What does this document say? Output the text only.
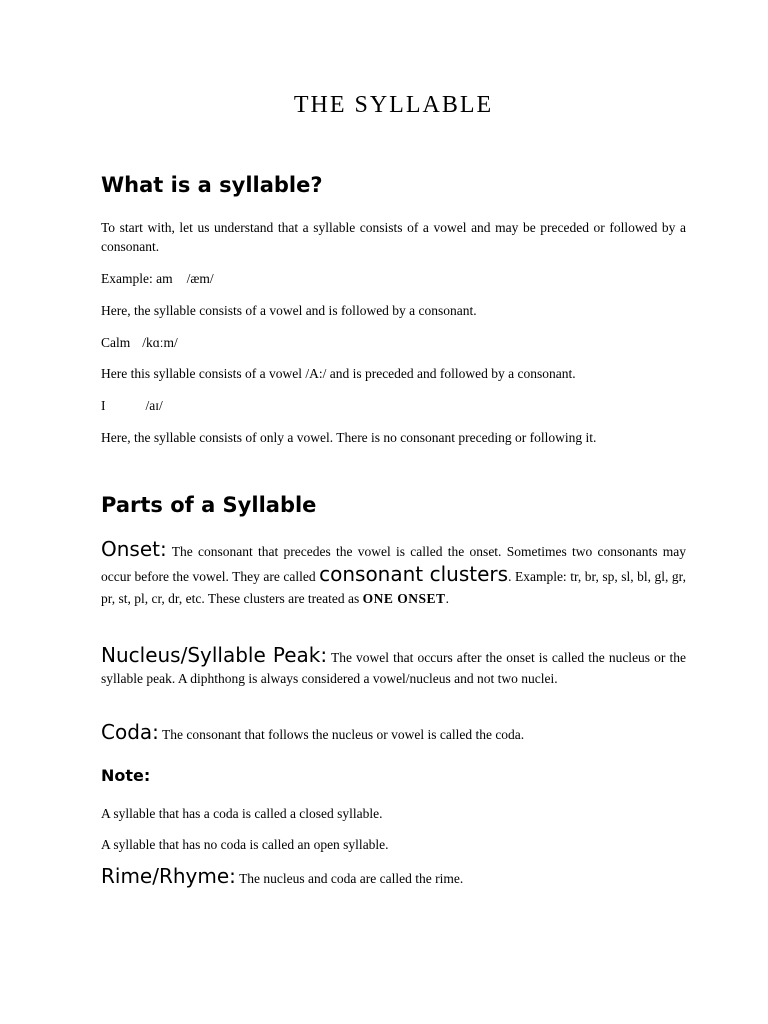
THE SYLLABLE
What is a syllable?

To start with, let us understand that a syllable consists of a vowel and may be preceded or followed by a consonant.

Example: am /æm/

Here, the syllable consists of a vowel and is followed by a consonant.

Calm /kɑːm/

Here this syllable consists of a vowel /A:/ and is preceded and followed by a consonant.

I	/aɪ/

Here, the syllable consists of only a vowel. There is no consonant preceding or following it.

Parts of a Syllable

Onset: The consonant that precedes the vowel is called the onset. Sometimes two consonants may occur before the vowel. They are called consonant clusters. Example: tr, br, sp, sl, bl, gl, gr, pr, st, pl, cr, dr, etc. These clusters are treated as ONE ONSET.

Nucleus/Syllable Peak: The vowel that occurs after the onset is called the nucleus or the syllable peak. A diphthong is always considered a vowel/nucleus and not two nuclei.

Coda: The consonant that follows the nucleus or vowel is called the coda.

Note:

A syllable that has a coda is called a closed syllable.

A syllable that has no coda is called an open syllable.

Rime/Rhyme: The nucleus and coda are called the rime.
